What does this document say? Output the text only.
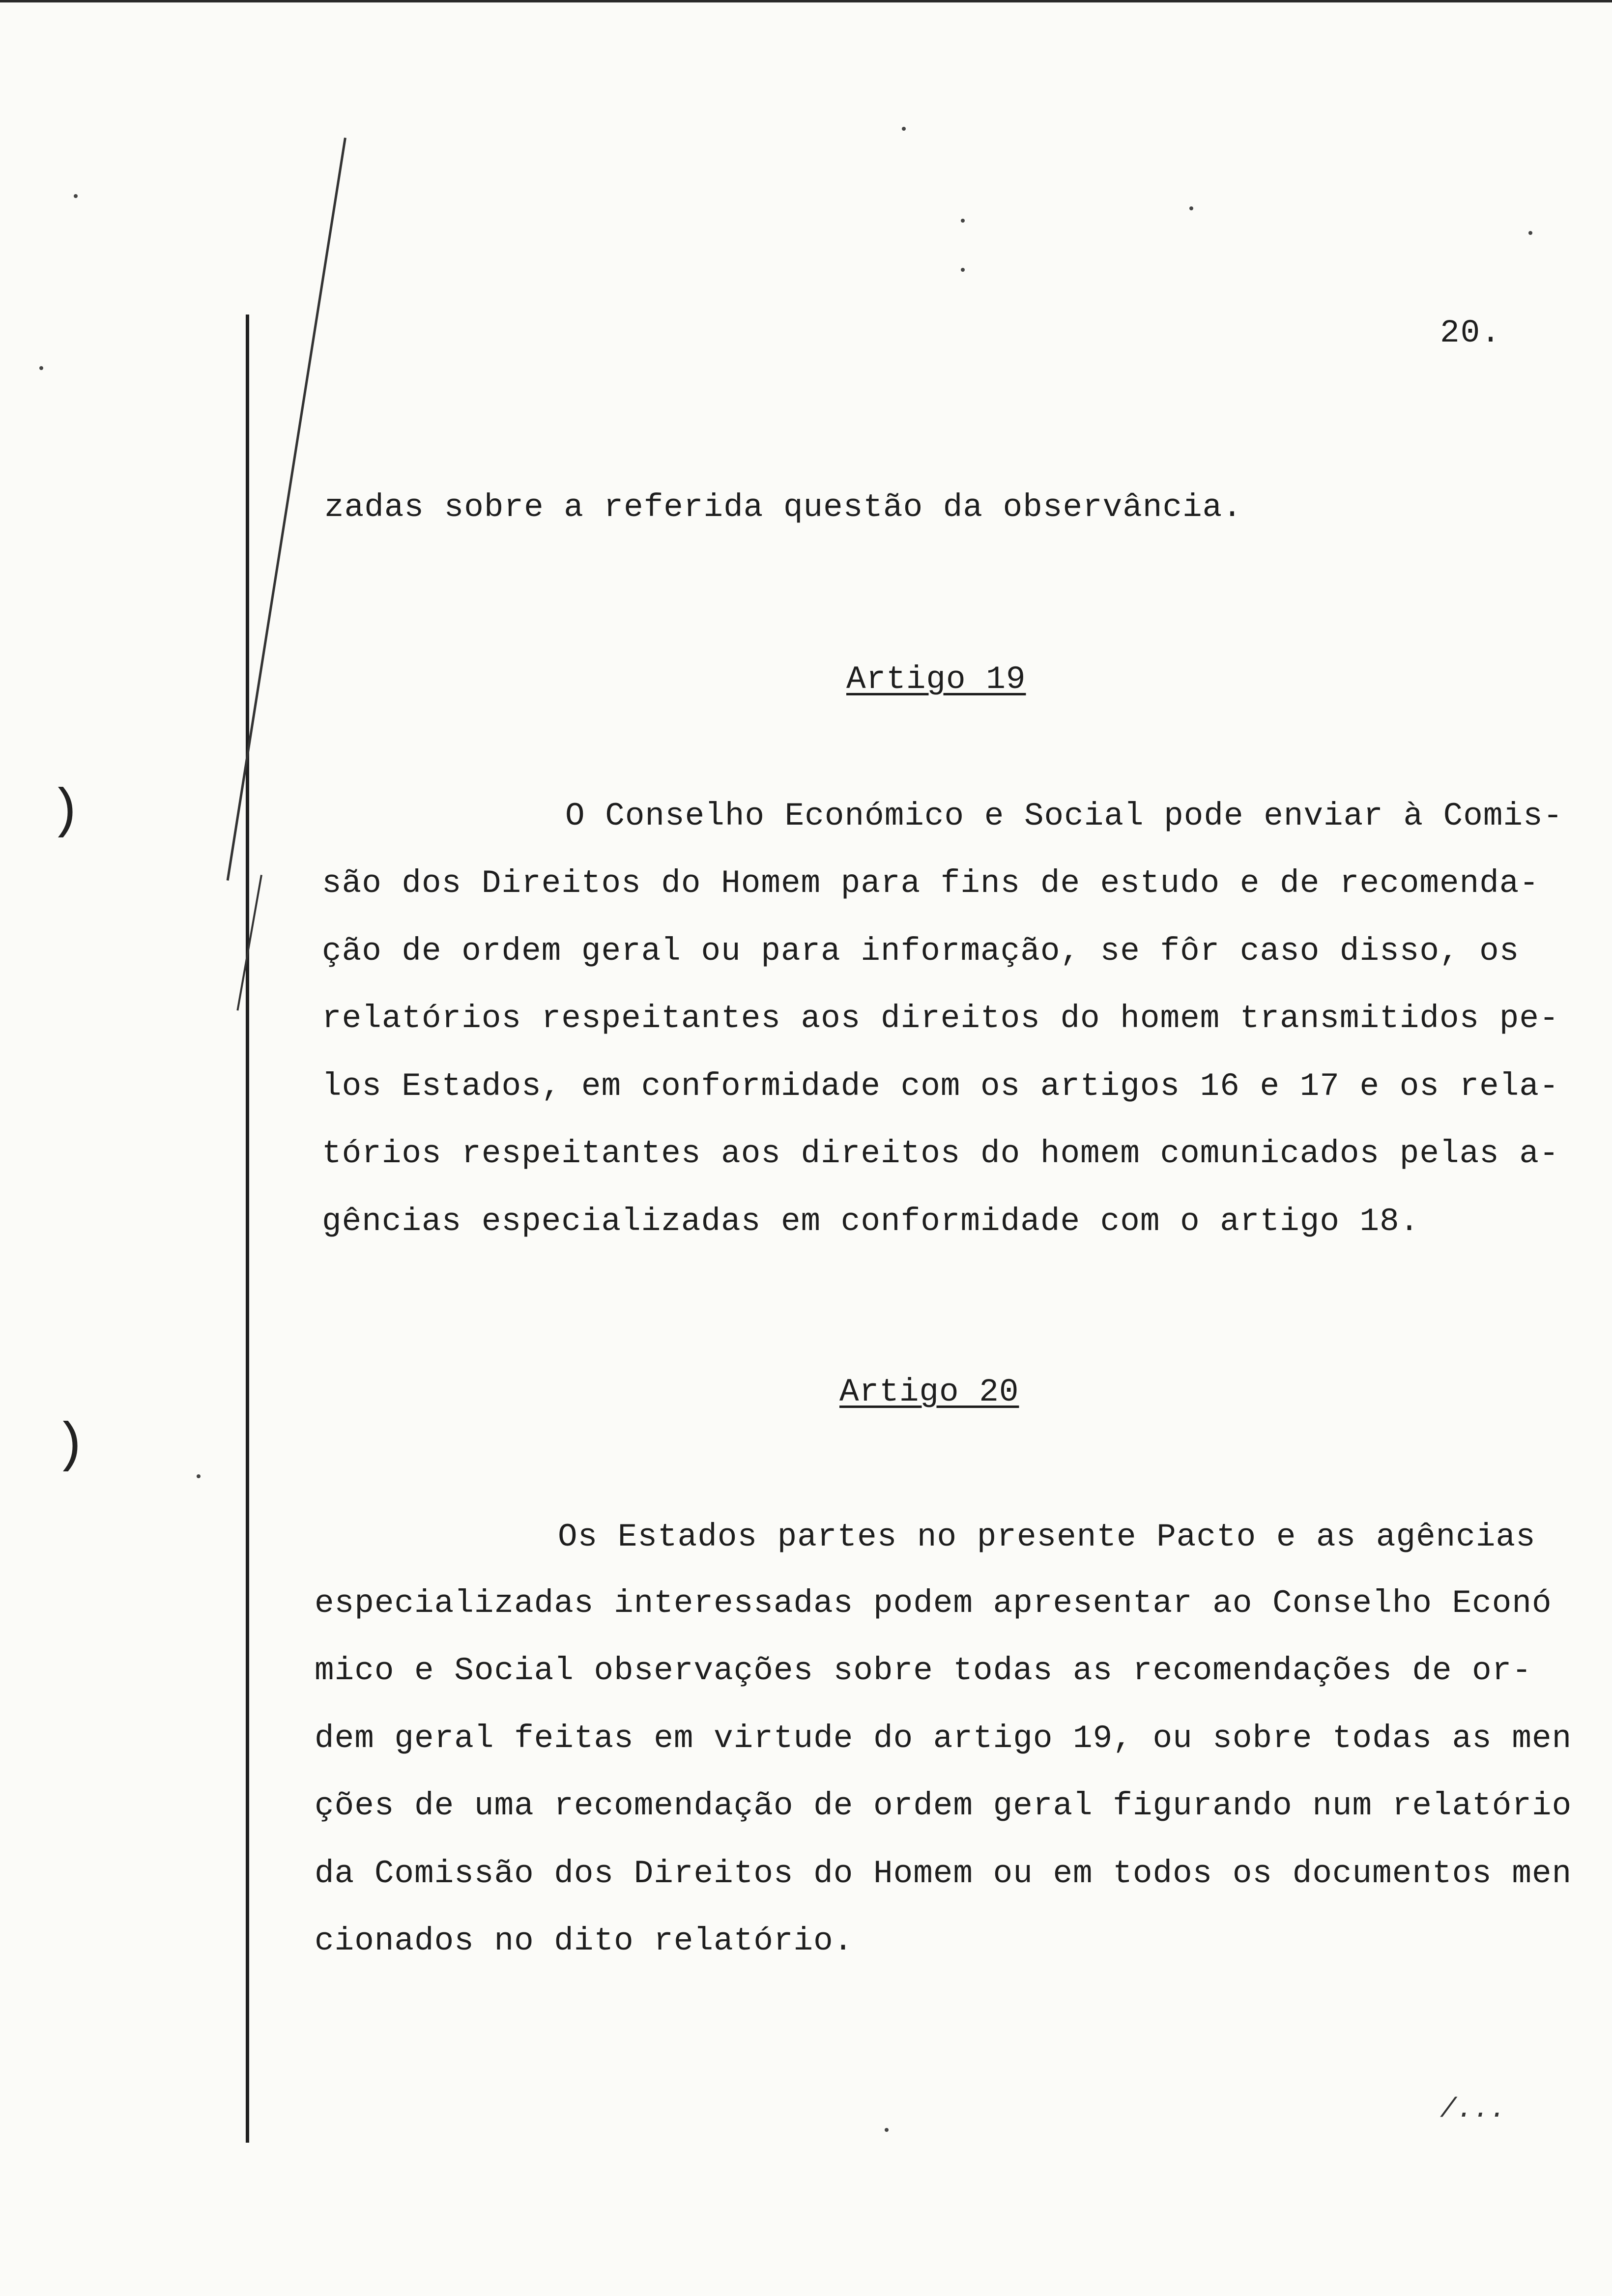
)
)
20.
zadas sobre a referida questão da observância.
Artigo 19
O Conselho Económico e Social pode enviar à Comis-
são dos Direitos do Homem para fins de estudo e de recomenda-
ção de ordem geral ou para informação, se fôr caso disso, os
relatórios respeitantes aos direitos do homem transmitidos pe-
los Estados, em conformidade com os artigos 16 e 17 e os rela-
tórios respeitantes aos direitos do homem comunicados pelas a-
gências especializadas em conformidade com o artigo 18.
Artigo 20
Os Estados partes no presente Pacto e as agências
especializadas interessadas podem apresentar ao Conselho Econó
mico e Social observações sobre todas as recomendações de or-
dem geral feitas em virtude do artigo 19, ou sobre todas as men
ções de uma recomendação de ordem geral figurando num relatório
da Comissão dos Direitos do Homem ou em todos os documentos men
cionados no dito relatório.
/...
